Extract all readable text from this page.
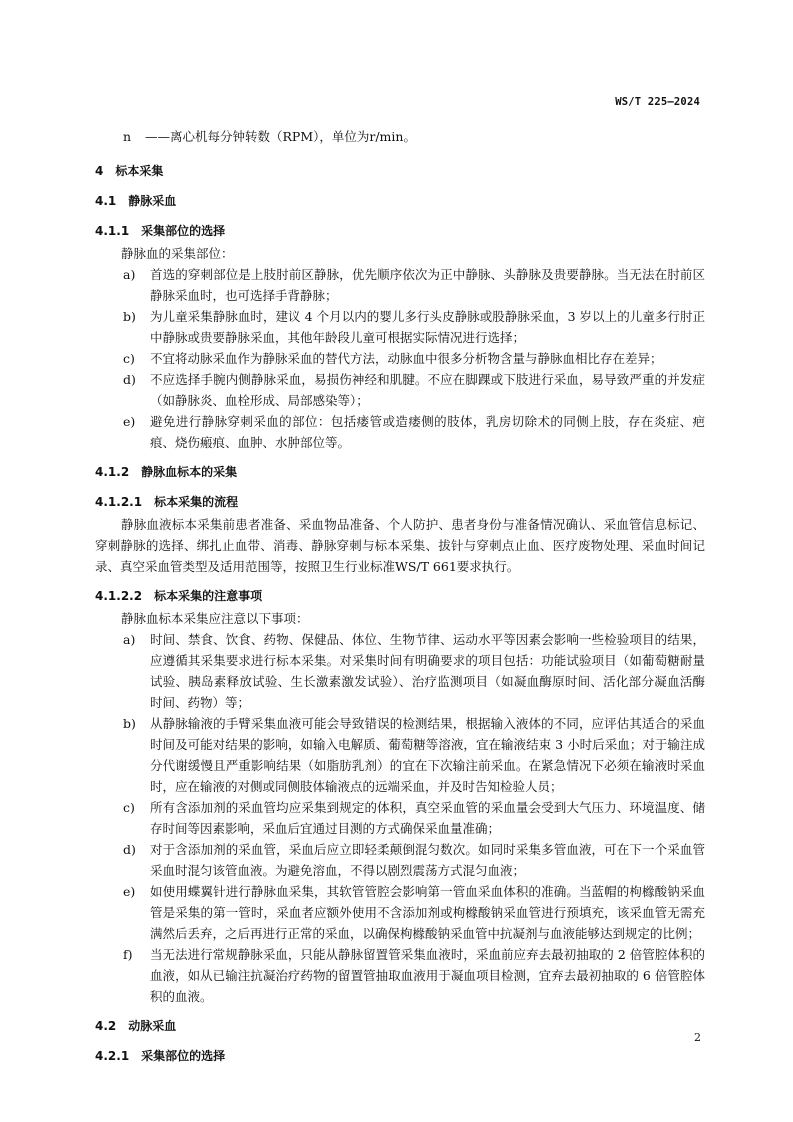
WS/T 225—2024
n ——离心机每分钟转数（RPM），单位为r/min。
4 标本采集
4.1 静脉采血
4.1.1 采集部位的选择

静脉血的采集部位：

a) 首选的穿刺部位是上肢肘前区静脉，优先顺序依次为正中静脉、头静脉及贵要静脉。当无法在肘前区静脉采血时，也可选择手背静脉；
b) 为儿童采集静脉血时，建议 4 个月以内的婴儿多行头皮静脉或股静脉采血，3 岁以上的儿童多行肘正中静脉或贵要静脉采血，其他年龄段儿童可根据实际情况进行选择；
c) 不宜将动脉采血作为静脉采血的替代方法，动脉血中很多分析物含量与静脉血相比存在差异；
d) 不应选择手腕内侧静脉采血，易损伤神经和肌腱。不应在脚踝或下肢进行采血，易导致严重的并发症（如静脉炎、血栓形成、局部感染等）；
e) 避免进行静脉穿刺采血的部位：包括瘘管或造瘘侧的肢体，乳房切除术的同侧上肢，存在炎症、疤痕、烧伤瘢痕、血肿、水肿部位等。
4.1.2 静脉血标本的采集
4.1.2.1 标本采集的流程

静脉血液标本采集前患者准备、采血物品准备、个人防护、患者身份与准备情况确认、采血管信息标记、穿刺静脉的选择、绑扎止血带、消毒、静脉穿刺与标本采集、拔针与穿刺点止血、医疗废物处理、采血时间记录、真空采血管类型及适用范围等，按照卫生行业标准WS/T 661要求执行。

4.1.2.2 标本采集的注意事项

静脉血标本采集应注意以下事项：

a) 时间、禁食、饮食、药物、保健品、体位、生物节律、运动水平等因素会影响一些检验项目的结果，应遵循其采集要求进行标本采集。对采集时间有明确要求的项目包括：功能试验项目（如葡萄糖耐量试验、胰岛素释放试验、生长激素激发试验）、治疗监测项目（如凝血酶原时间、活化部分凝血活酶时间、药物）等；
b) 从静脉输液的手臂采集血液可能会导致错误的检测结果，根据输入液体的不同，应评估其适合的采血时间及可能对结果的影响，如输入电解质、葡萄糖等溶液，宜在输液结束 3 小时后采血；对于输注成分代谢缓慢且严重影响结果（如脂肪乳剂）的宜在下次输注前采血。在紧急情况下必须在输液时采血时，应在输液的对侧或同侧肢体输液点的远端采血，并及时告知检验人员；
c) 所有含添加剂的采血管均应采集到规定的体积，真空采血管的采血量会受到大气压力、环境温度、储存时间等因素影响，采血后宜通过目测的方式确保采血量准确；
d) 对于含添加剂的采血管，采血后应立即轻柔颠倒混匀数次。如同时采集多管血液，可在下一个采血管采血时混匀该管血液。为避免溶血，不得以剧烈震荡方式混匀血液；
e) 如使用蝶翼针进行静脉血采集，其软管管腔会影响第一管血采血体积的准确。当蓝帽的枸橼酸钠采血管是采集的第一管时，采血者应额外使用不含添加剂或枸橼酸钠采血管进行预填充，该采血管无需充满然后丢弃，之后再进行正常的采血，以确保枸橼酸钠采血管中抗凝剂与血液能够达到规定的比例；
f) 当无法进行常规静脉采血，只能从静脉留置管采集血液时，采血前应弃去最初抽取的 2 倍管腔体积的血液，如从已输注抗凝治疗药物的留置管抽取血液用于凝血项目检测，宜弃去最初抽取的 6 倍管腔体积的血液。
4.2 动脉采血
4.2.1 采集部位的选择
2
